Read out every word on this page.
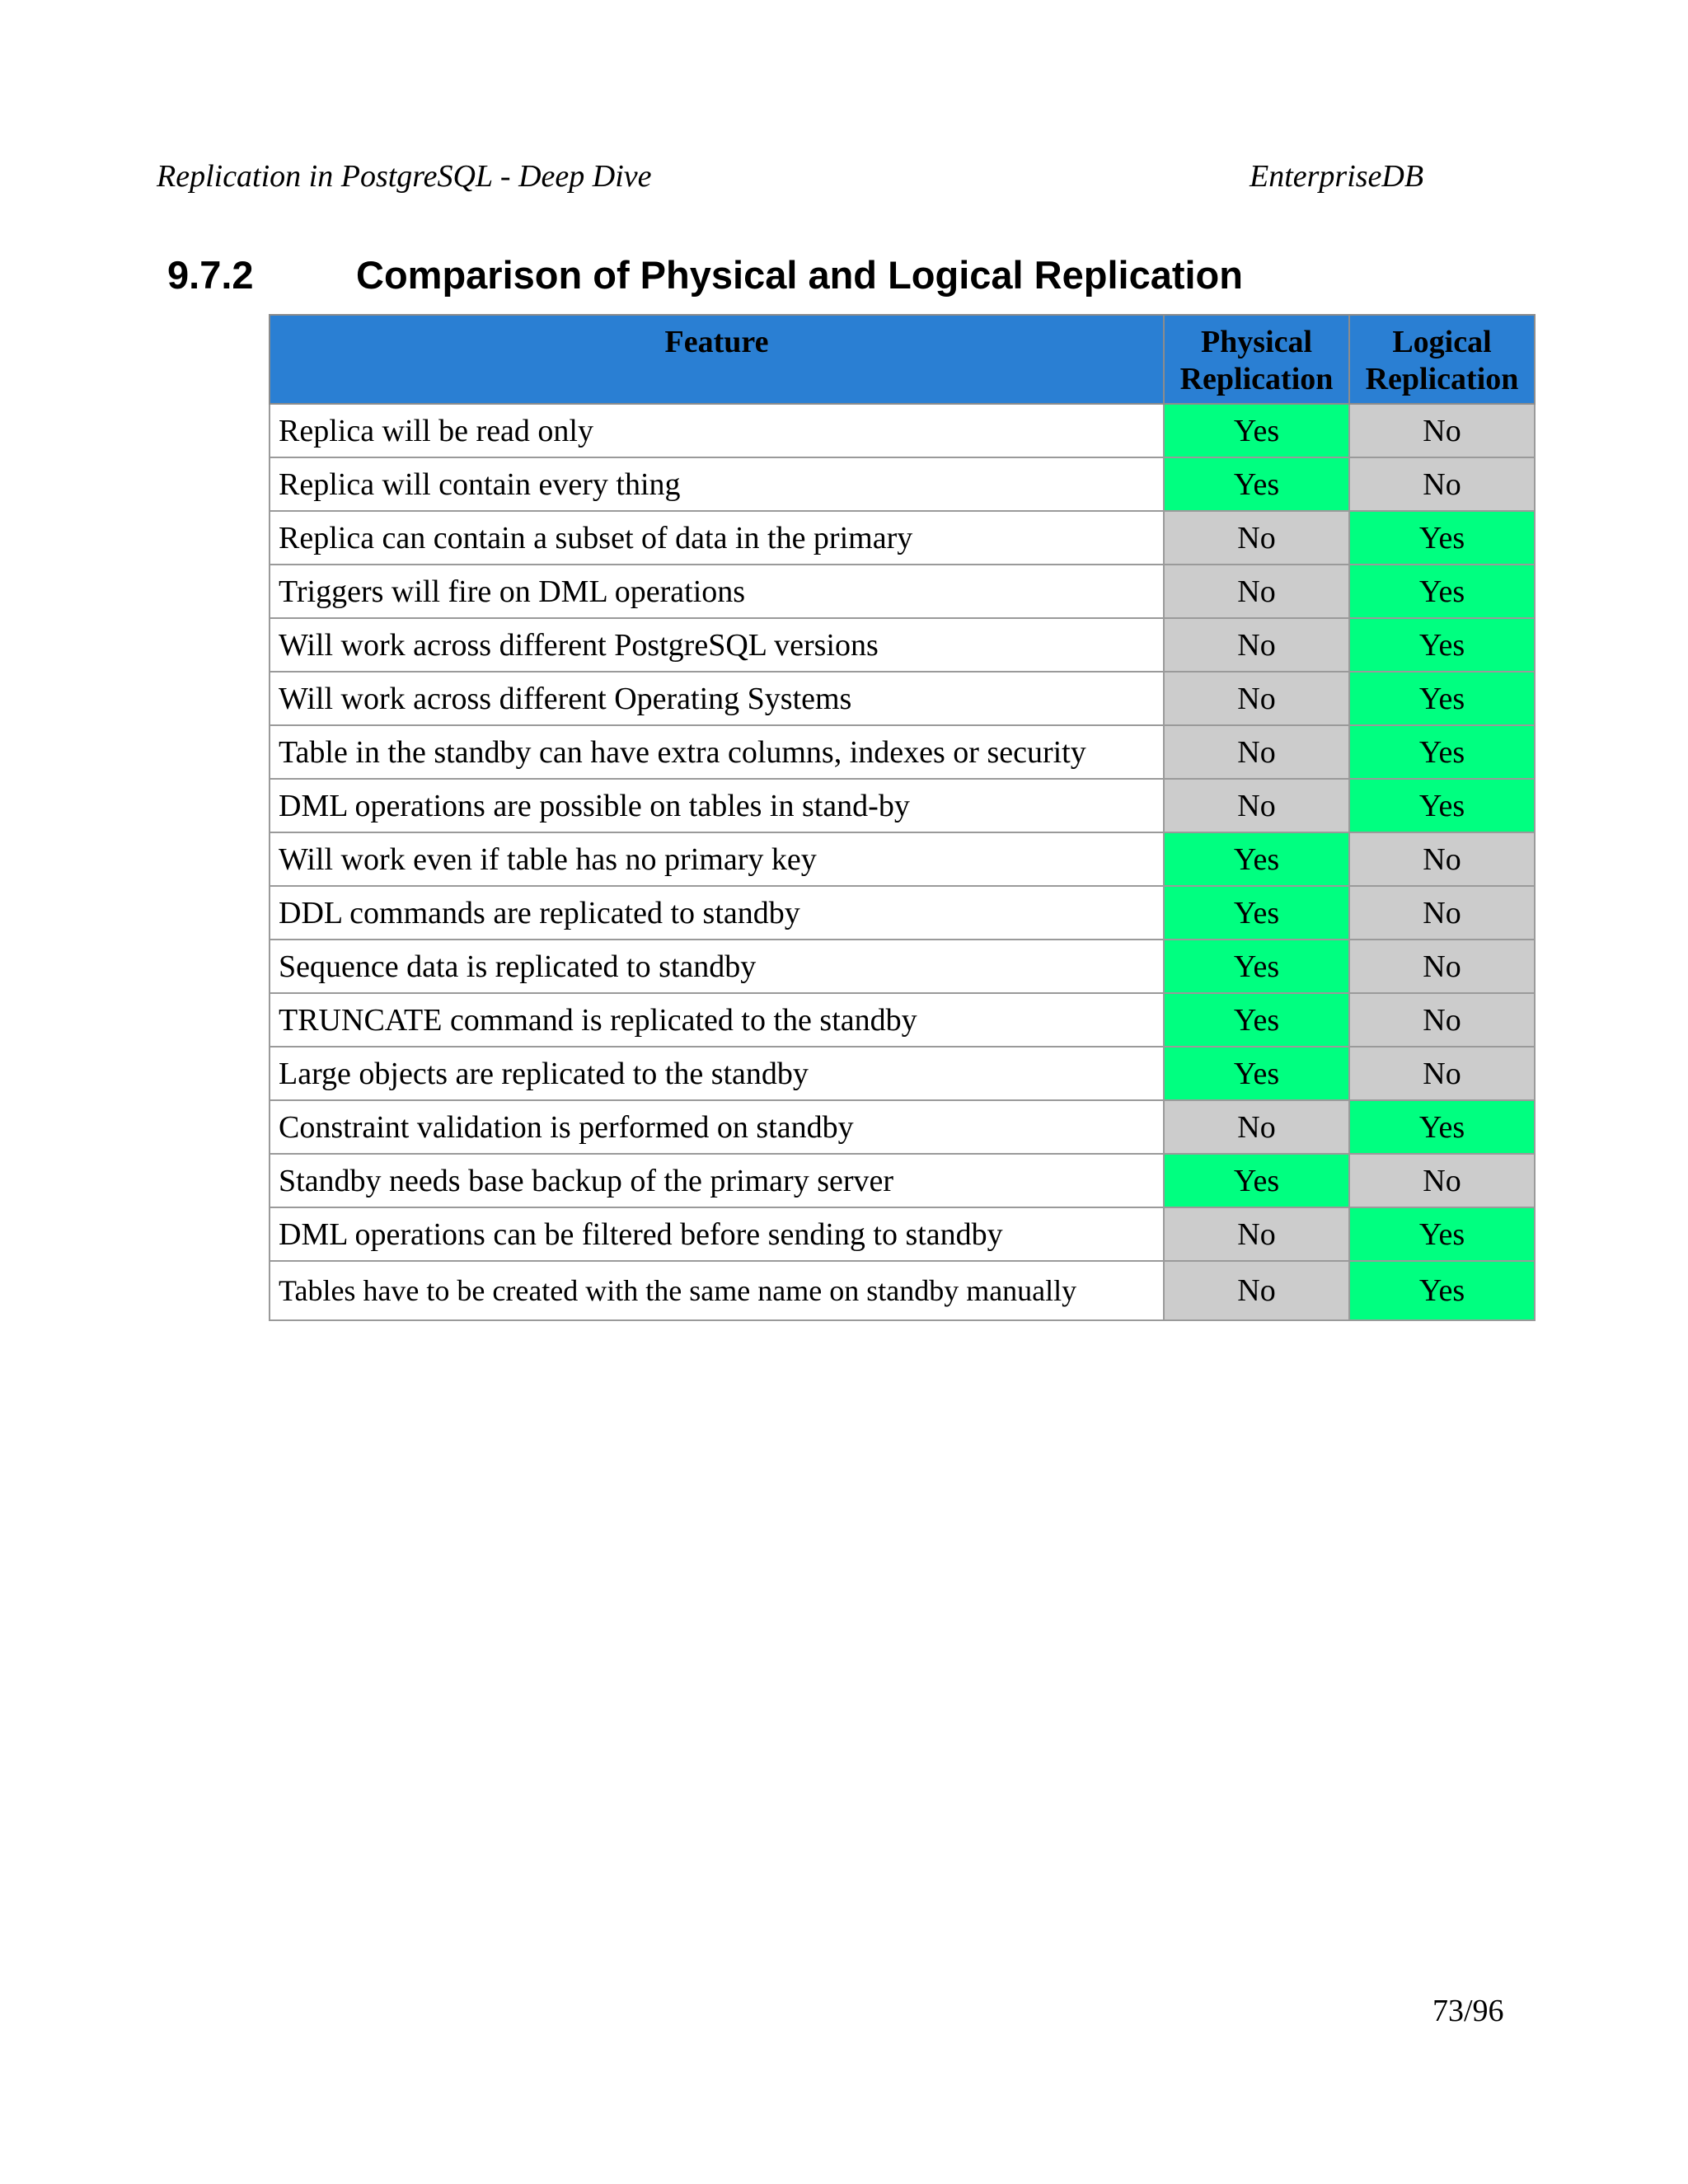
Replication in PostgreSQL - Deep Dive	EnterpriseDB
9.7.2	Comparison of Physical and Logical Replication
Feature	Physical Replication	Logical Replication
Replica will be read only	Yes	No
Replica will contain every thing	Yes	No
Replica can contain a subset of data in the primary	No	Yes
Triggers will fire on DML operations	No	Yes
Will work across different PostgreSQL versions	No	Yes
Will work across different Operating Systems	No	Yes
Table in the standby can have extra columns, indexes or security	No	Yes
DML operations are possible on tables in stand-by	No	Yes
Will work even if table has no primary key	Yes	No
DDL commands are replicated to standby	Yes	No
Sequence data is replicated to standby	Yes	No
TRUNCATE command is replicated to the standby	Yes	No
Large objects are replicated to the standby	Yes	No
Constraint validation is performed on standby	No	Yes
Standby needs base backup of the primary server	Yes	No
DML operations can be filtered before sending to standby	No	Yes
Tables have to be created with the same name on standby manually	No	Yes
73/96
